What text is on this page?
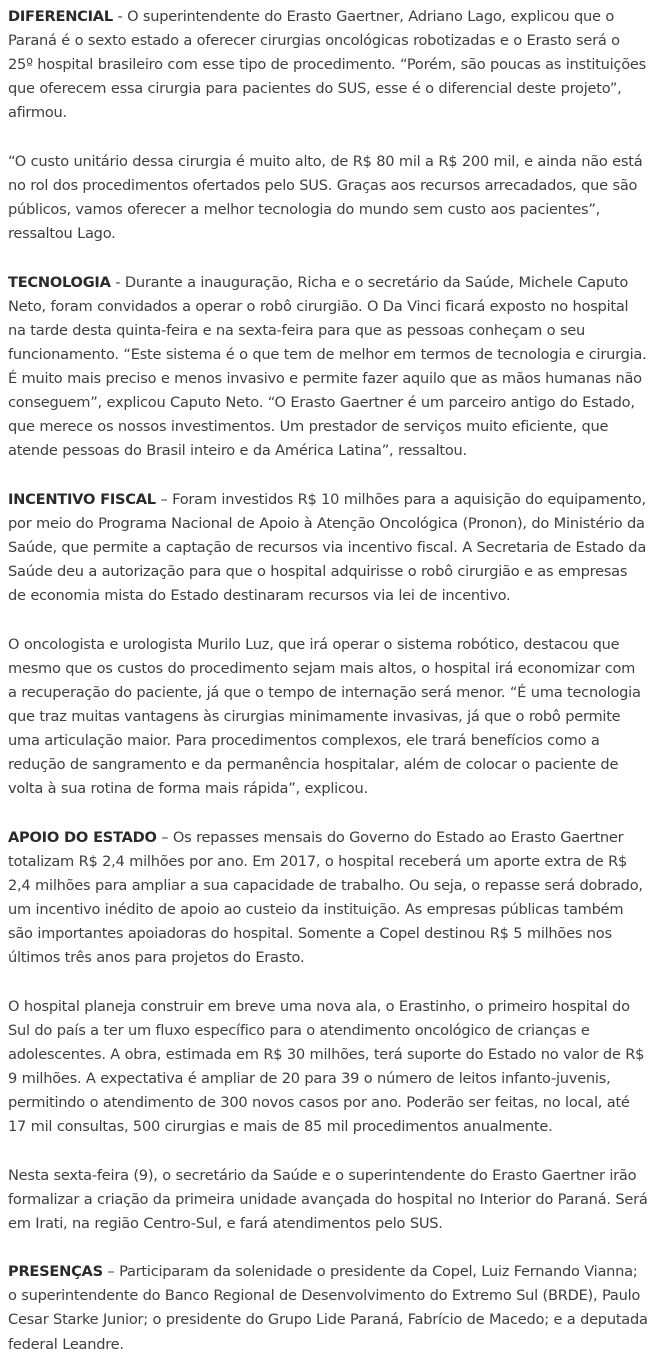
DIFERENCIAL - O superintendente do Erasto Gaertner, Adriano Lago, explicou que o Paraná é o sexto estado a oferecer cirurgias oncológicas robotizadas e o Erasto será o 25º hospital brasileiro com esse tipo de procedimento. “Porém, são poucas as instituições que oferecem essa cirurgia para pacientes do SUS, esse é o diferencial deste projeto”, afirmou.

“O custo unitário dessa cirurgia é muito alto, de R$ 80 mil a R$ 200 mil, e ainda não está no rol dos procedimentos ofertados pelo SUS. Graças aos recursos arrecadados, que são públicos, vamos oferecer a melhor tecnologia do mundo sem custo aos pacientes”, ressaltou Lago.

TECNOLOGIA - Durante a inauguração, Richa e o secretário da Saúde, Michele Caputo Neto, foram convidados a operar o robô cirurgião. O Da Vinci ficará exposto no hospital na tarde desta quinta-feira e na sexta-feira para que as pessoas conheçam o seu funcionamento. “Este sistema é o que tem de melhor em termos de tecnologia e cirurgia. É muito mais preciso e menos invasivo e permite fazer aquilo que as mãos humanas não conseguem”, explicou Caputo Neto. “O Erasto Gaertner é um parceiro antigo do Estado, que merece os nossos investimentos. Um prestador de serviços muito eficiente, que atende pessoas do Brasil inteiro e da América Latina”, ressaltou.

INCENTIVO FISCAL – Foram investidos R$ 10 milhões para a aquisição do equipamento, por meio do Programa Nacional de Apoio à Atenção Oncológica (Pronon), do Ministério da Saúde, que permite a captação de recursos via incentivo fiscal. A Secretaria de Estado da Saúde deu a autorização para que o hospital adquirisse o robô cirurgião e as empresas de economia mista do Estado destinaram recursos via lei de incentivo.

O oncologista e urologista Murilo Luz, que irá operar o sistema robótico, destacou que mesmo que os custos do procedimento sejam mais altos, o hospital irá economizar com a recuperação do paciente, já que o tempo de internação será menor. “É uma tecnologia que traz muitas vantagens às cirurgias minimamente invasivas, já que o robô permite uma articulação maior. Para procedimentos complexos, ele trará benefícios como a redução de sangramento e da permanência hospitalar, além de colocar o paciente de volta à sua rotina de forma mais rápida”, explicou.

APOIO DO ESTADO – Os repasses mensais do Governo do Estado ao Erasto Gaertner totalizam R$ 2,4 milhões por ano. Em 2017, o hospital receberá um aporte extra de R$ 2,4 milhões para ampliar a sua capacidade de trabalho. Ou seja, o repasse será dobrado, um incentivo inédito de apoio ao custeio da instituição. As empresas públicas também são importantes apoiadoras do hospital. Somente a Copel destinou R$ 5 milhões nos últimos três anos para projetos do Erasto.

O hospital planeja construir em breve uma nova ala, o Erastinho, o primeiro hospital do Sul do país a ter um fluxo específico para o atendimento oncológico de crianças e adolescentes. A obra, estimada em R$ 30 milhões, terá suporte do Estado no valor de R$ 9 milhões. A expectativa é ampliar de 20 para 39 o número de leitos infanto-juvenis, permitindo o atendimento de 300 novos casos por ano. Poderão ser feitas, no local, até 17 mil consultas, 500 cirurgias e mais de 85 mil procedimentos anualmente.

Nesta sexta-feira (9), o secretário da Saúde e o superintendente do Erasto Gaertner irão formalizar a criação da primeira unidade avançada do hospital no Interior do Paraná. Será em Irati, na região Centro-Sul, e fará atendimentos pelo SUS.

PRESENÇAS – Participaram da solenidade o presidente da Copel, Luiz Fernando Vianna; o superintendente do Banco Regional de Desenvolvimento do Extremo Sul (BRDE), Paulo Cesar Starke Junior; o presidente do Grupo Lide Paraná, Fabrício de Macedo; e a deputada federal Leandre.
